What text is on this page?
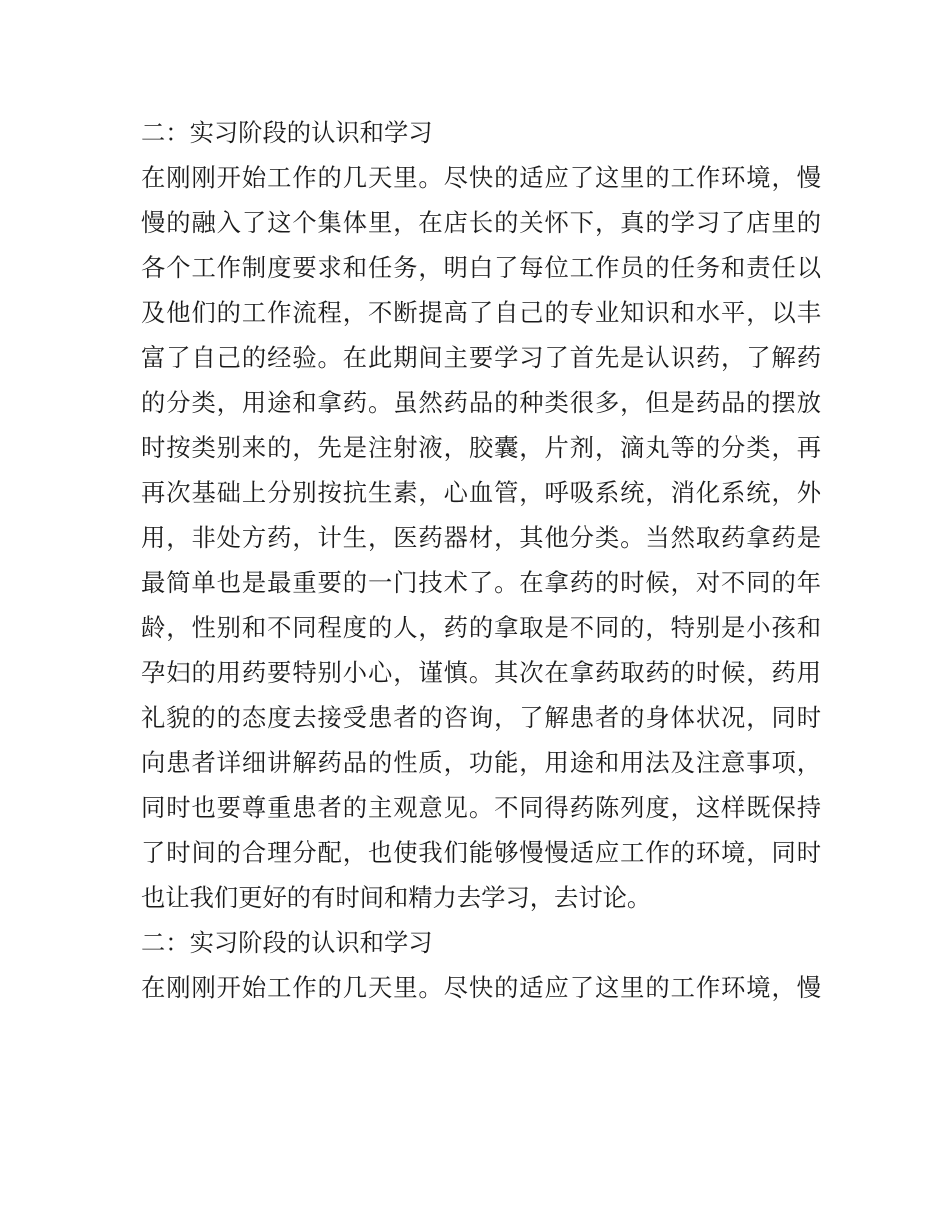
二：实习阶段的认识和学习
在刚刚开始工作的几天里。尽快的适应了这里的工作环境，慢
慢的融入了这个集体里，在店长的关怀下，真的学习了店里的
各个工作制度要求和任务，明白了每位工作员的任务和责任以
及他们的工作流程，不断提高了自己的专业知识和水平，以丰
富了自己的经验。在此期间主要学习了首先是认识药，了解药
的分类，用途和拿药。虽然药品的种类很多，但是药品的摆放
时按类别来的，先是注射液，胶囊，片剂，滴丸等的分类，再
再次基础上分别按抗生素，心血管，呼吸系统，消化系统，外
用，非处方药，计生，医药器材，其他分类。当然取药拿药是
最简单也是最重要的一门技术了。在拿药的时候，对不同的年
龄，性别和不同程度的人，药的拿取是不同的，特别是小孩和
孕妇的用药要特别小心，谨慎。其次在拿药取药的时候，药用
礼貌的的态度去接受患者的咨询，了解患者的身体状况，同时
向患者详细讲解药品的性质，功能，用途和用法及注意事项，
同时也要尊重患者的主观意见。不同得药陈列度，这样既保持
了时间的合理分配，也使我们能够慢慢适应工作的环境，同时
也让我们更好的有时间和精力去学习，去讨论。
二：实习阶段的认识和学习
在刚刚开始工作的几天里。尽快的适应了这里的工作环境，慢
